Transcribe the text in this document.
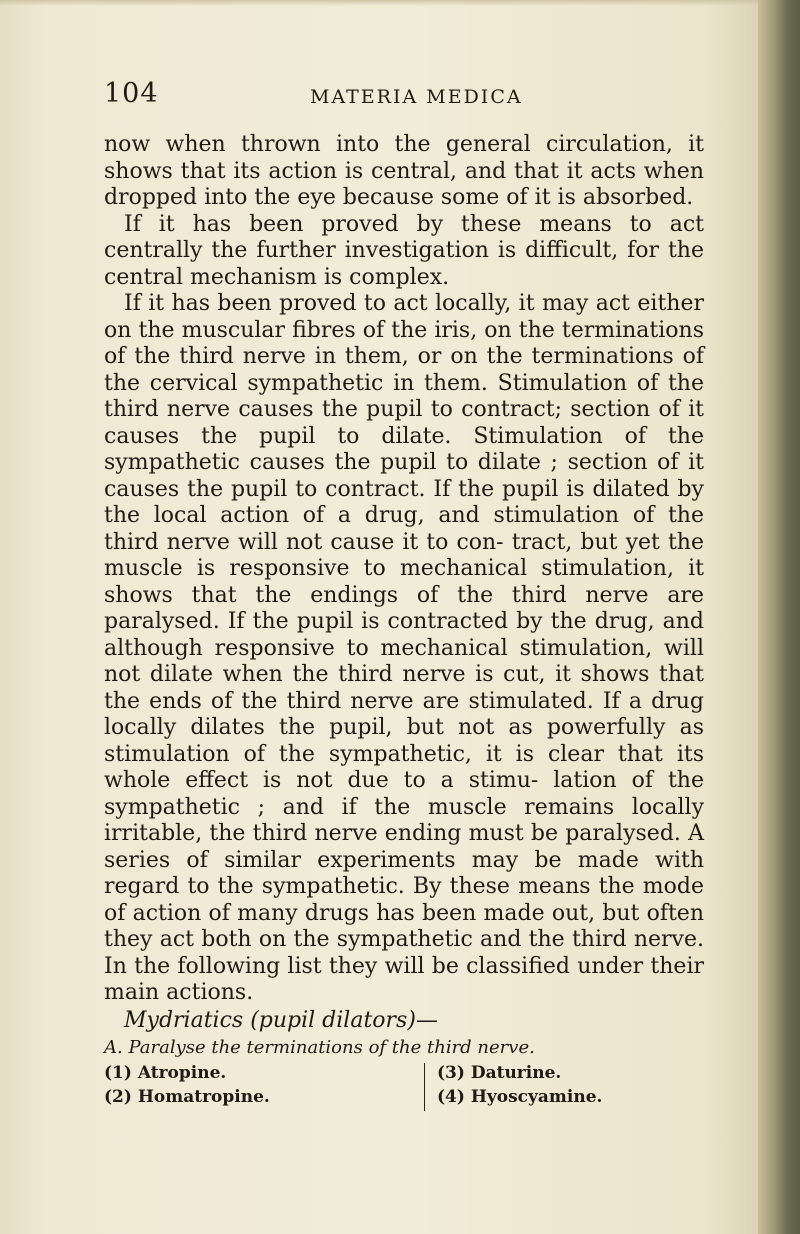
104	MATERIA MEDICA

now when thrown into the general circulation, it shows that its action is central, and that it acts when dropped into the eye because some of it is absorbed.

If it has been proved by these means to act centrally the further investigation is difficult, for the central mechanism is complex.

If it has been proved to act locally, it may act either on the muscular fibres of the iris, on the terminations of the third nerve in them, or on the terminations of the cervical sympathetic in them. Stimulation of the third nerve causes the pupil to contract; section of it causes the pupil to dilate. Stimulation of the sympathetic causes the pupil to dilate ; section of it causes the pupil to contract. If the pupil is dilated by the local action of a drug, and stimulation of the third nerve will not cause it to con- tract, but yet the muscle is responsive to mechanical stimulation, it shows that the endings of the third nerve are paralysed. If the pupil is contracted by the drug, and although responsive to mechanical stimulation, will not dilate when the third nerve is cut, it shows that the ends of the third nerve are stimulated. If a drug locally dilates the pupil, but not as powerfully as stimulation of the sympathetic, it is clear that its whole effect is not due to a stimu- lation of the sympathetic ; and if the muscle remains locally irritable, the third nerve ending must be paralysed. A series of similar experiments may be made with regard to the sympathetic. By these means the mode of action of many drugs has been made out, but often they act both on the sympathetic and the third nerve. In the following list they will be classified under their main actions.

Mydriatics (pupil dilators)—

A. Paralyse the terminations of the third nerve.

(1) Atropine.
(2) Homatropine.
(3) Daturine.
(4) Hyoscyamine.
